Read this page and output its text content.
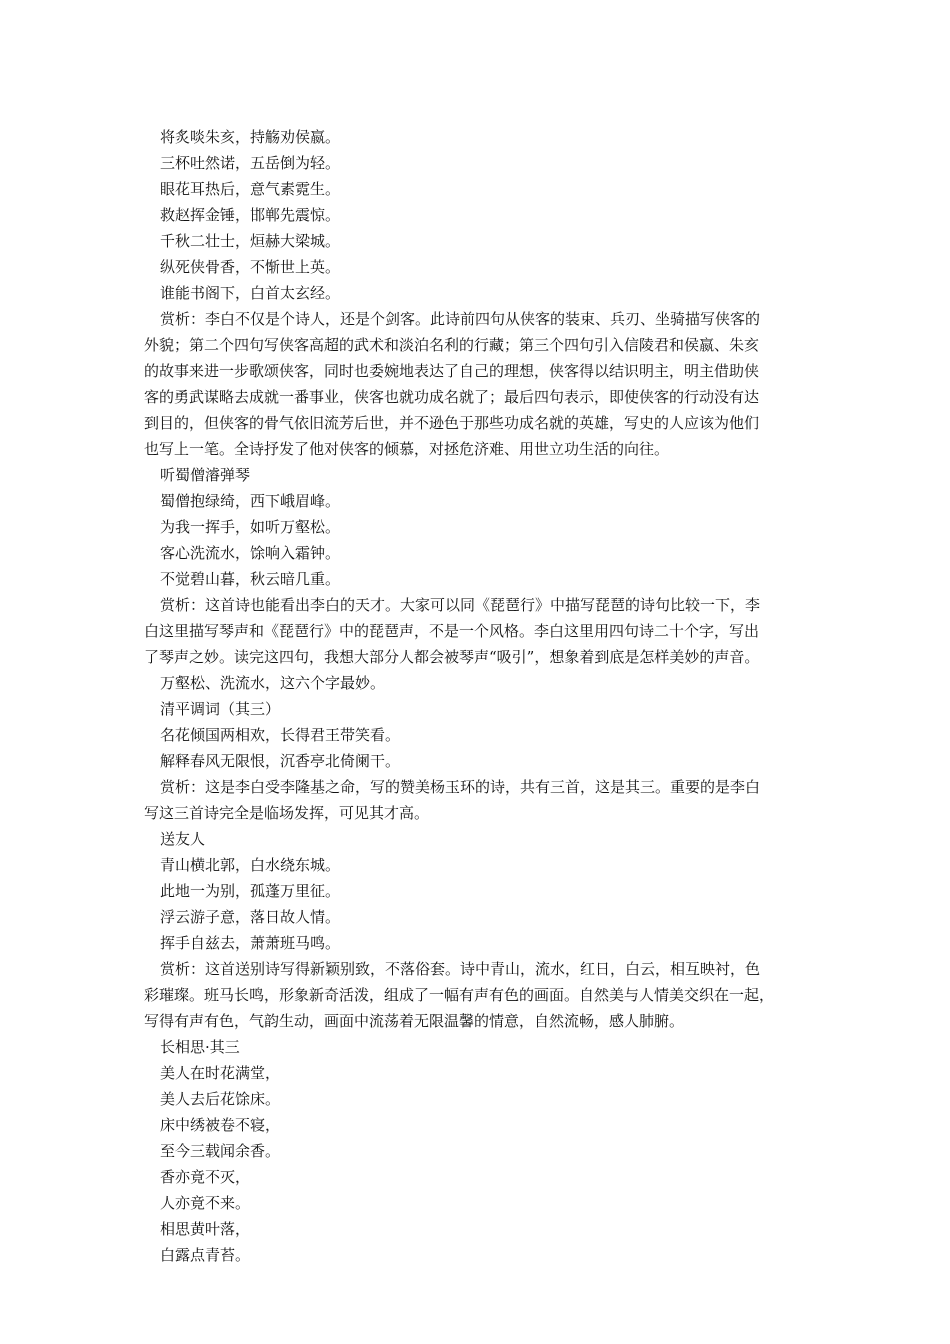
将炙啖朱亥，持觞劝侯嬴。

三杯吐然诺，五岳倒为轻。

眼花耳热后，意气素霓生。

救赵挥金锤，邯郸先震惊。

千秋二壮士，烜赫大梁城。

纵死侠骨香，不惭世上英。

谁能书阁下，白首太玄经。

赏析：李白不仅是个诗人，还是个剑客。此诗前四句从侠客的装束、兵刃、坐骑描写侠客的

外貌；第二个四句写侠客高超的武术和淡泊名利的行藏；第三个四句引入信陵君和侯嬴、朱亥

的故事来进一步歌颂侠客，同时也委婉地表达了自己的理想，侠客得以结识明主，明主借助侠

客的勇武谋略去成就一番事业，侠客也就功成名就了；最后四句表示，即使侠客的行动没有达

到目的，但侠客的骨气依旧流芳后世，并不逊色于那些功成名就的英雄，写史的人应该为他们

也写上一笔。全诗抒发了他对侠客的倾慕，对拯危济难、用世立功生活的向往。

听蜀僧濬弹琴

蜀僧抱绿绮，西下峨眉峰。

为我一挥手，如听万壑松。

客心洗流水，馀响入霜钟。

不觉碧山暮，秋云暗几重。

赏析：这首诗也能看出李白的天才。大家可以同《琵琶行》中描写琵琶的诗句比较一下，李

白这里描写琴声和《琵琶行》中的琵琶声，不是一个风格。李白这里用四句诗二十个字，写出

了琴声之妙。读完这四句，我想大部分人都会被琴声“吸引”，想象着到底是怎样美妙的声音。

万壑松、洗流水，这六个字最妙。

清平调词（其三）

名花倾国两相欢，长得君王带笑看。

解释春风无限恨，沉香亭北倚阑干。

赏析：这是李白受李隆基之命，写的赞美杨玉环的诗，共有三首，这是其三。重要的是李白

写这三首诗完全是临场发挥，可见其才高。

送友人

青山横北郭，白水绕东城。

此地一为别，孤蓬万里征。

浮云游子意，落日故人情。

挥手自兹去，萧萧班马鸣。

赏析：这首送别诗写得新颖别致，不落俗套。诗中青山，流水，红日，白云，相互映衬，色

彩璀璨。班马长鸣，形象新奇活泼，组成了一幅有声有色的画面。自然美与人情美交织在一起，

写得有声有色，气韵生动，画面中流荡着无限温馨的情意，自然流畅，感人肺腑。

长相思·其三

美人在时花满堂，

美人去后花馀床。

床中绣被卷不寝，

至今三载闻余香。

香亦竟不灭，

人亦竟不来。

相思黄叶落，

白露点青苔。
